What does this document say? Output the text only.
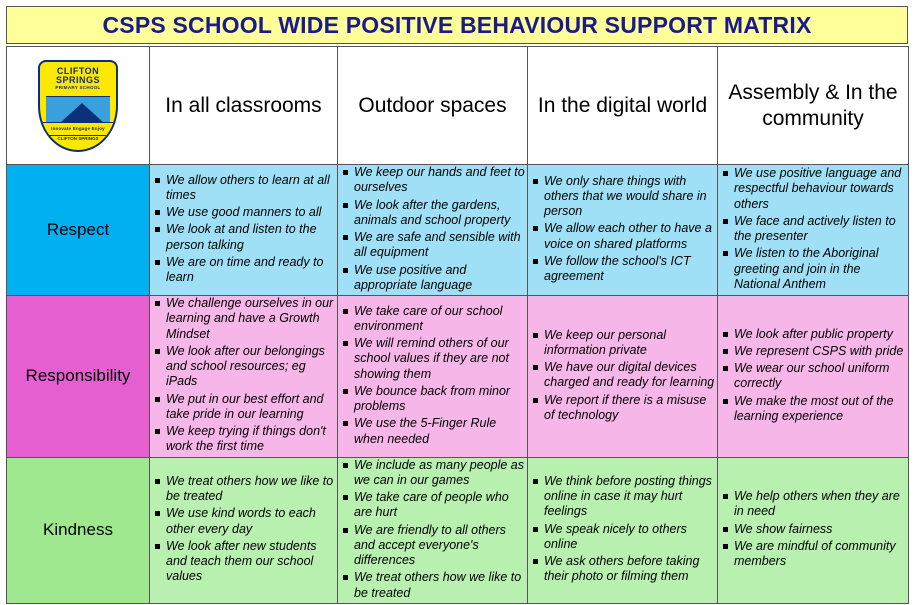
CSPS SCHOOL WIDE POSITIVE BEHAVIOUR SUPPORT MATRIX
CLIFTON
SPRINGS
PRIMARY SCHOOL
Innovate Engage Enjoy
CLIFTON SPRINGS	In all classrooms	Outdoor spaces	In the digital world	Assembly & In the community
Respect	
We allow others to learn at all times
We use good manners to all
We look at and listen to the person talking
We are on time and ready to learn

We keep our hands and feet to ourselves
We look after the gardens, animals and school property
We are safe and sensible with all equipment
We use positive and appropriate language

We only share things with others that we would share in person
We allow each other to have a voice on shared platforms
We follow the school's ICT agreement

We use positive language and respectful behaviour towards others
We face and actively listen to the presenter
We listen to the Aboriginal greeting and join in the National Anthem

Responsibility	
We challenge ourselves in our learning and have a Growth Mindset
We look after our belongings and school resources; eg iPads
We put in our best effort and take pride in our learning
We keep trying if things don't work the first time

We take care of our school environment
We will remind others of our school values if they are not showing them
We bounce back from minor problems
We use the 5-Finger Rule when needed

We keep our personal information private
We have our digital devices charged and ready for learning
We report if there is a misuse of technology

We look after public property
We represent CSPS with pride
We wear our school uniform correctly
We make the most out of the learning experience

Kindness	
We treat others how we like to be treated
We use kind words to each other every day
We look after new students and teach them our school values

We include as many people as we can in our games
We take care of people who are hurt
We are friendly to all others and accept everyone's differences
We treat others how we like to be treated

We think before posting things online in case it may hurt feelings
We speak nicely to others online
We ask others before taking their photo or filming them

We help others when they are in need
We show fairness
We are mindful of community members
